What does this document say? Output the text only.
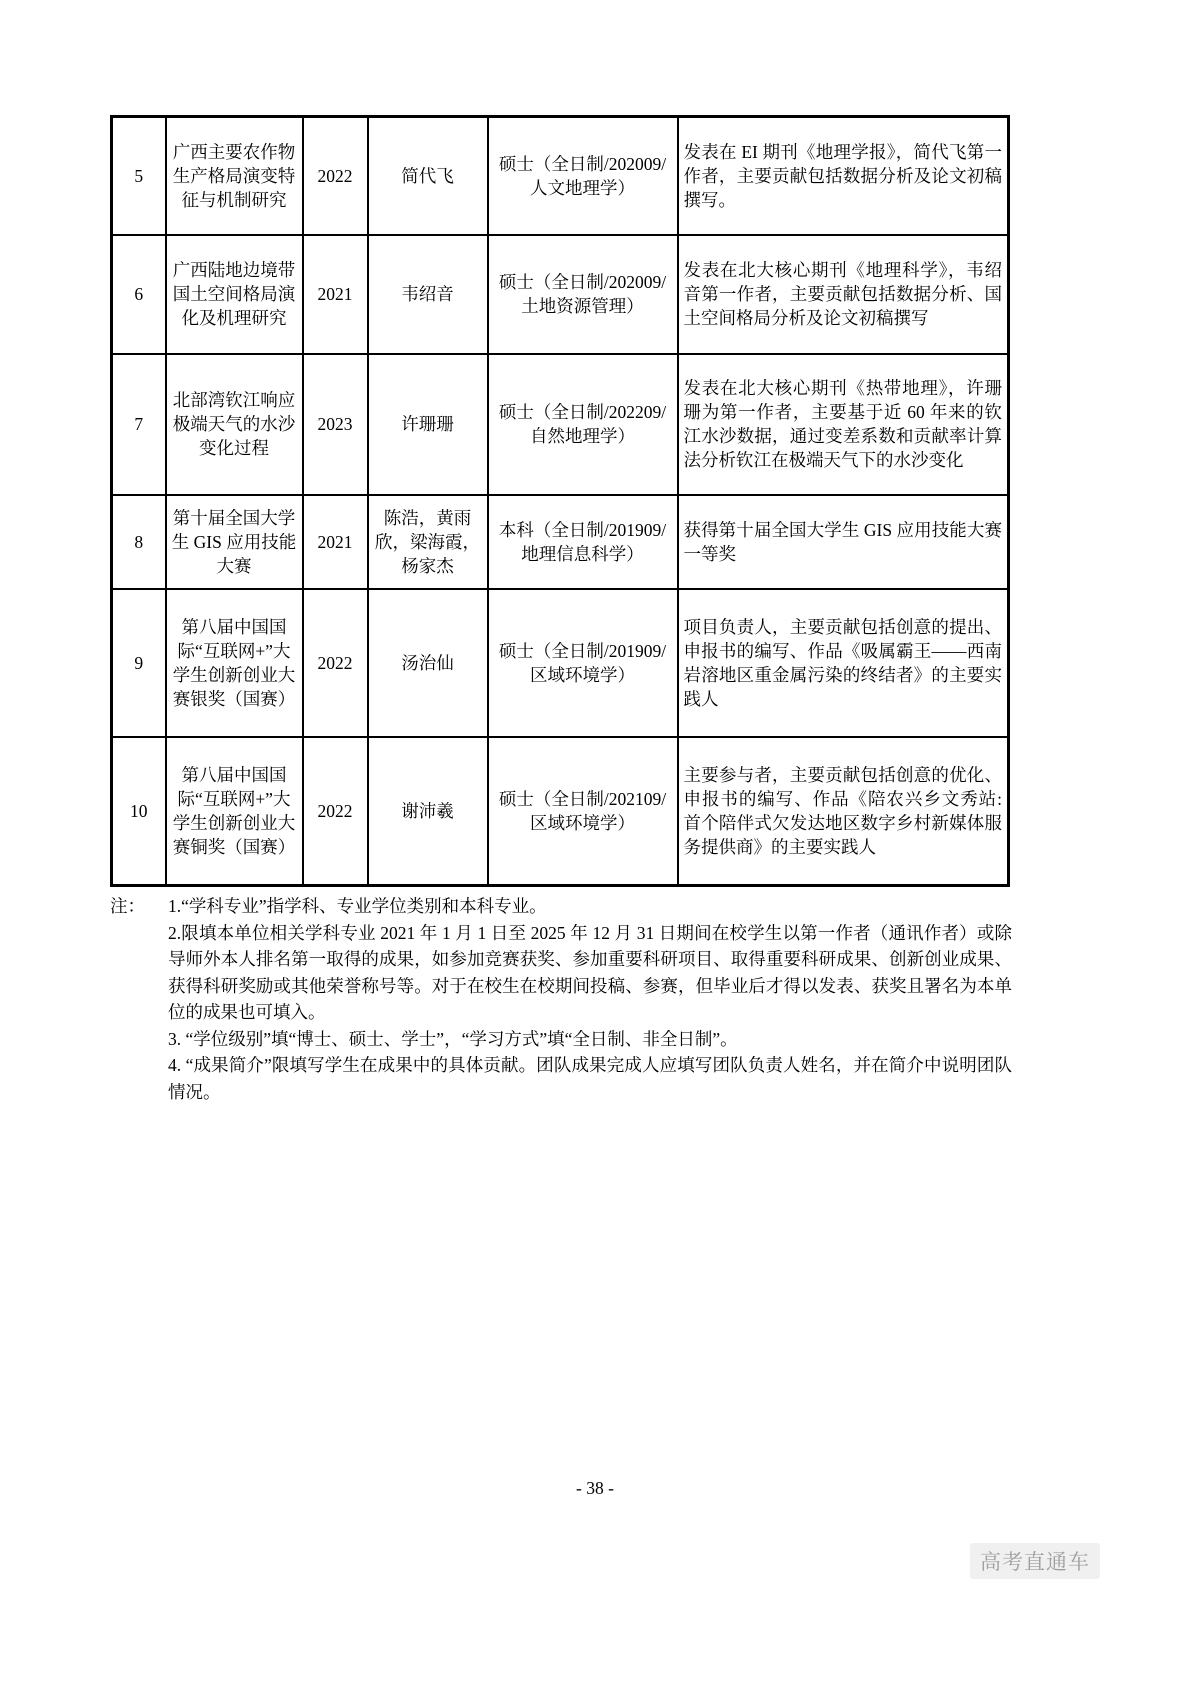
5	广西主要农作物生产格局演变特征与机制研究	2022	简代飞	硕士（全日制/202009/人文地理学）	发表在 EI 期刊《地理学报》，简代飞第一作者，主要贡献包括数据分析及论文初稿撰写。
6	广西陆地边境带国土空间格局演化及机理研究	2021	韦绍音	硕士（全日制/202009/土地资源管理）	发表在北大核心期刊《地理科学》，韦绍音第一作者，主要贡献包括数据分析、国土空间格局分析及论文初稿撰写
7	北部湾钦江响应极端天气的水沙变化过程	2023	许珊珊	硕士（全日制/202209/自然地理学）	发表在北大核心期刊《热带地理》，许珊珊为第一作者，主要基于近 60 年来的钦江水沙数据，通过变差系数和贡献率计算法分析钦江在极端天气下的水沙变化
8	第十届全国大学生 GIS 应用技能大赛	2021	陈浩，黄雨欣，梁海霞，杨家杰	本科（全日制/201909/地理信息科学）	获得第十届全国大学生 GIS 应用技能大赛一等奖
9	第八届中国国际“互联网+”大学生创新创业大赛银奖（国赛）	2022	汤治仙	硕士（全日制/201909/区域环境学）	项目负责人，主要贡献包括创意的提出、申报书的编写、作品《吸属霸王——西南岩溶地区重金属污染的终结者》的主要实践人
10	第八届中国国际“互联网+”大学生创新创业大赛铜奖（国赛）	2022	谢沛羲	硕士（全日制/202109/区域环境学）	主要参与者，主要贡献包括创意的优化、申报书的编写、作品《陪农兴乡文秀站: 首个陪伴式欠发达地区数字乡村新媒体服务提供商》的主要实践人
注： 1.“学科专业”指学科、专业学位类别和本科专业。

2.限填本单位相关学科专业 2021 年 1 月 1 日至 2025 年 12 月 31 日期间在校学生以第一作者（通讯作者）或除导师外本人排名第一取得的成果，如参加竞赛获奖、参加重要科研项目、取得重要科研成果、创新创业成果、获得科研奖励或其他荣誉称号等。对于在校生在校期间投稿、参赛，但毕业后才得以发表、获奖且署名为本单位的成果也可填入。

3. “学位级别”填“博士、硕士、学士”，“学习方式”填“全日制、非全日制”。

4. “成果简介”限填写学生在成果中的具体贡献。团队成果完成人应填写团队负责人姓名，并在简介中说明团队情况。

- 38 -
高考直通车
